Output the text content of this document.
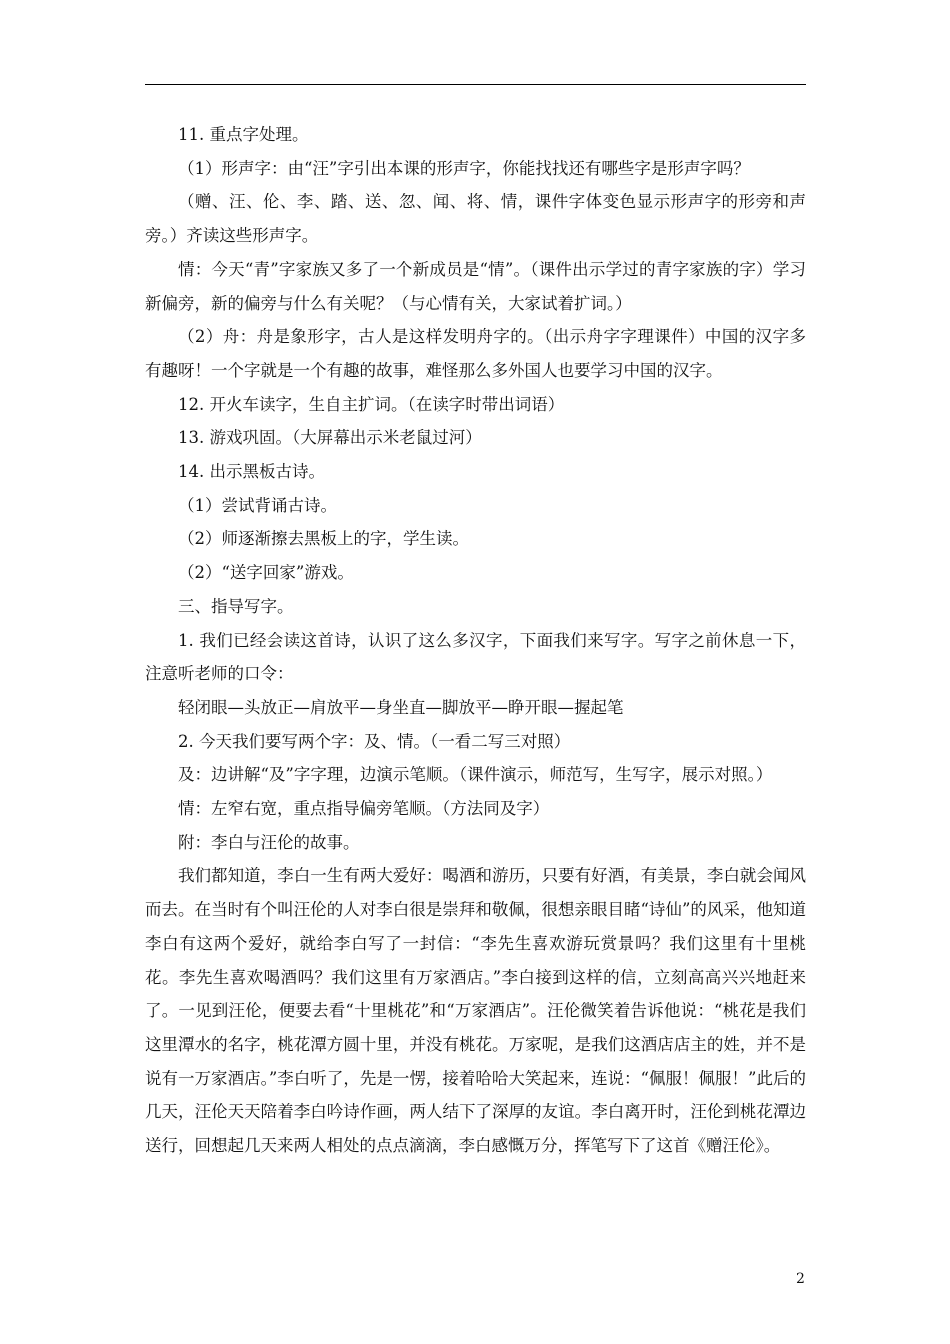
11. 重点字处理。

（1）形声字：由“汪”字引出本课的形声字，你能找找还有哪些字是形声字吗？

（赠、汪、伦、李、踏、送、忽、闻、将、情，课件字体变色显示形声字的形旁和声旁。）齐读这些形声字。

情：今天“青”字家族又多了一个新成员是“情”。（课件出示学过的青字家族的字）学习新偏旁，新的偏旁与什么有关呢？（与心情有关，大家试着扩词。）

（2）舟：舟是象形字，古人是这样发明舟字的。（出示舟字字理课件）中国的汉字多有趣呀！一个字就是一个有趣的故事，难怪那么多外国人也要学习中国的汉字。

12. 开火车读字，生自主扩词。（在读字时带出词语）

13. 游戏巩固。（大屏幕出示米老鼠过河）

14. 出示黑板古诗。

（1）尝试背诵古诗。

（2）师逐渐擦去黑板上的字，学生读。

（2）“送字回家”游戏。

三、指导写字。

1. 我们已经会读这首诗，认识了这么多汉字，下面我们来写字。写字之前休息一下，注意听老师的口令：

轻闭眼—头放正—肩放平—身坐直—脚放平—睁开眼—握起笔

2. 今天我们要写两个字：及、情。（一看二写三对照）

及：边讲解“及”字字理，边演示笔顺。（课件演示，师范写，生写字，展示对照。）

情：左窄右宽，重点指导偏旁笔顺。（方法同及字）

附：李白与汪伦的故事。

我们都知道，李白一生有两大爱好：喝酒和游历，只要有好酒，有美景，李白就会闻风而去。在当时有个叫汪伦的人对李白很是崇拜和敬佩，很想亲眼目睹“诗仙”的风采，他知道李白有这两个爱好，就给李白写了一封信：“李先生喜欢游玩赏景吗？我们这里有十里桃花。李先生喜欢喝酒吗？我们这里有万家酒店。”李白接到这样的信，立刻高高兴兴地赶来了。一见到汪伦，便要去看“十里桃花”和“万家酒店”。汪伦微笑着告诉他说：“桃花是我们这里潭水的名字，桃花潭方圆十里，并没有桃花。万家呢，是我们这酒店店主的姓，并不是说有一万家酒店。”李白听了，先是一愣，接着哈哈大笑起来，连说：“佩服！佩服！”此后的几天，汪伦天天陪着李白吟诗作画，两人结下了深厚的友谊。李白离开时，汪伦到桃花潭边送行，回想起几天来两人相处的点点滴滴，李白感慨万分，挥笔写下了这首《赠汪伦》。

2
